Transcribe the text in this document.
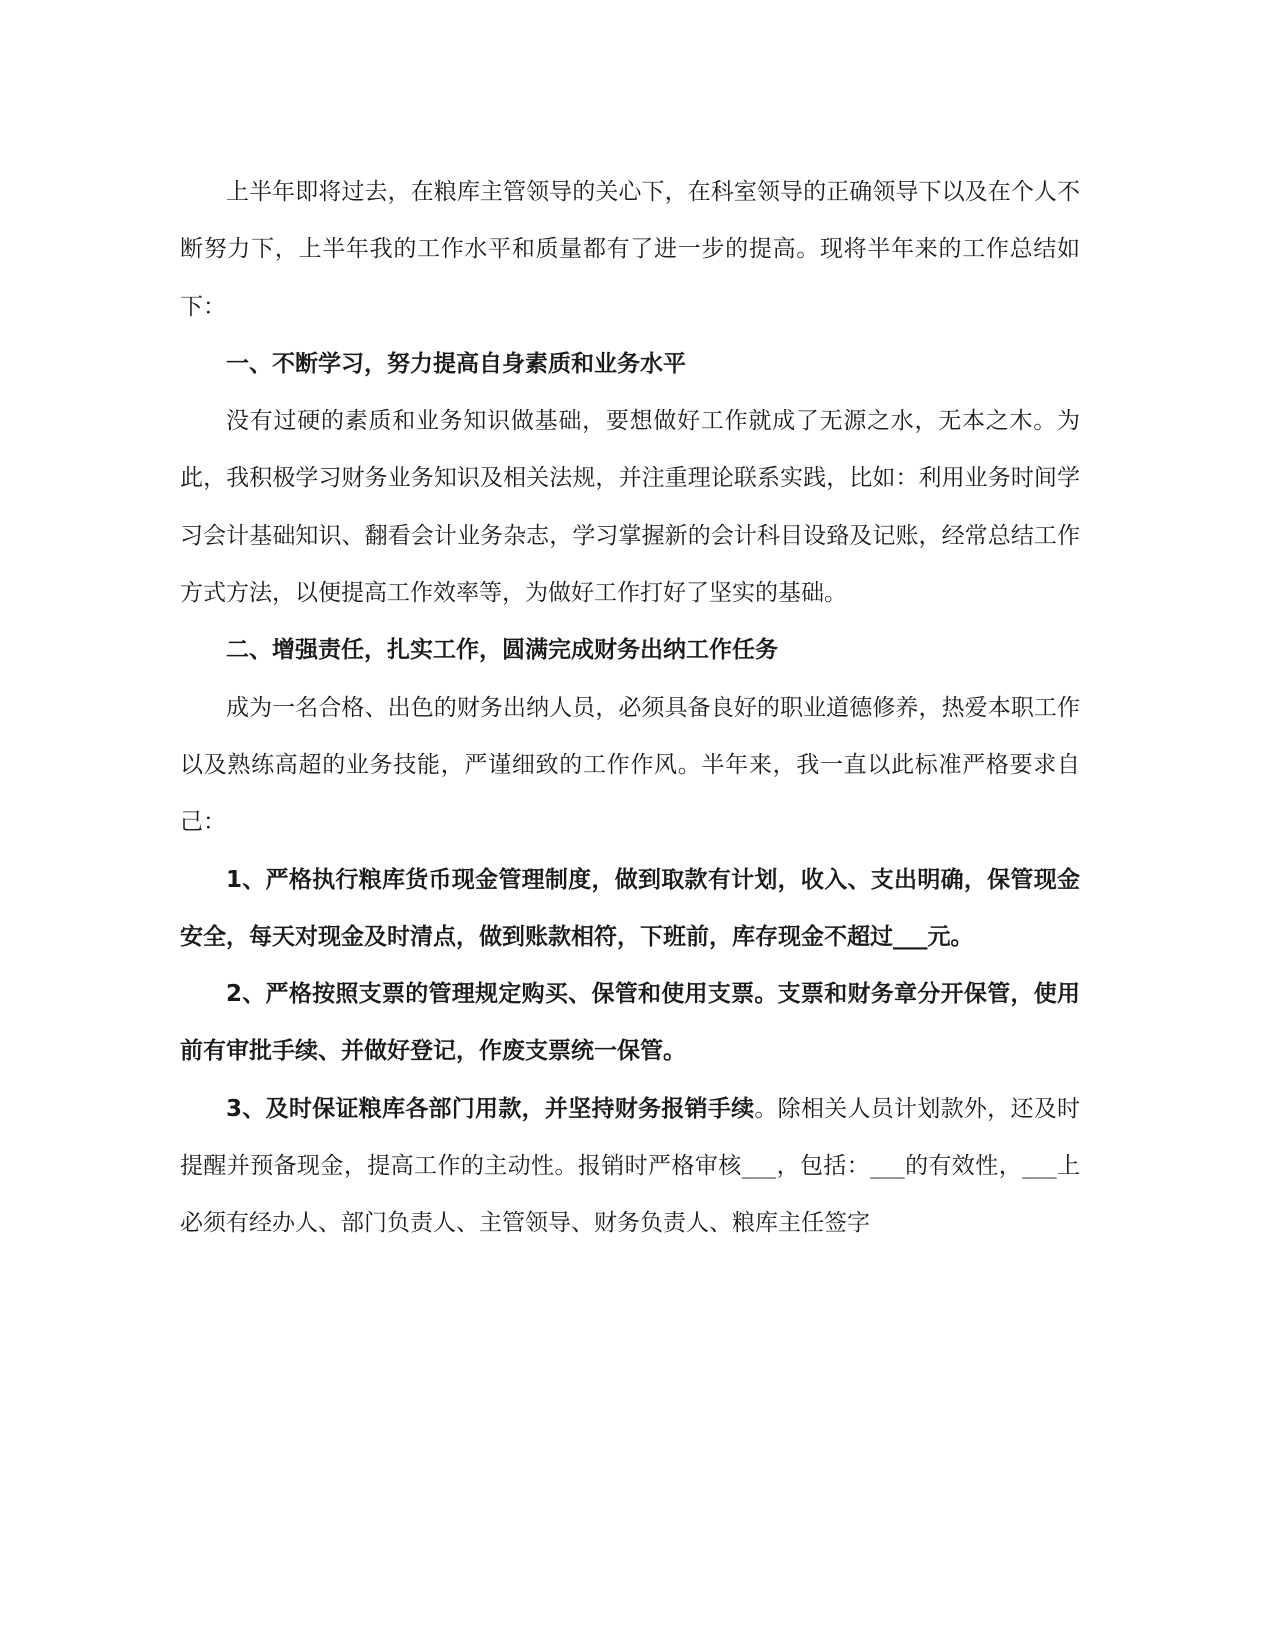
上半年即将过去，在粮库主管领导的关心下，在科室领导的正确领导下以及在个人不断努力下，上半年我的工作水平和质量都有了进一步的提高。现将半年来的工作总结如下：

一、不断学习，努力提高自身素质和业务水平

没有过硬的素质和业务知识做基础，要想做好工作就成了无源之水，无本之木。为此，我积极学习财务业务知识及相关法规，并注重理论联系实践，比如：利用业务时间学习会计基础知识、翻看会计业务杂志，学习掌握新的会计科目设臵及记账，经常总结工作方式方法，以便提高工作效率等，为做好工作打好了坚实的基础。

二、增强责任，扎实工作，圆满完成财务出纳工作任务

成为一名合格、出色的财务出纳人员，必须具备良好的职业道德修养，热爱本职工作以及熟练高超的业务技能，严谨细致的工作作风。半年来，我一直以此标准严格要求自己：

1、严格执行粮库货币现金管理制度，做到取款有计划，收入、支出明确，保管现金安全，每天对现金及时清点，做到账款相符，下班前，库存现金不超过___元。

2、严格按照支票的管理规定购买、保管和使用支票。支票和财务章分开保管，使用前有审批手续、并做好登记，作废支票统一保管。

3、及时保证粮库各部门用款，并坚持财务报销手续。除相关人员计划款外，还及时提醒并预备现金，提高工作的主动性。报销时严格审核___，包括：___的有效性，___上必须有经办人、部门负责人、主管领导、财务负责人、粮库主任签字
